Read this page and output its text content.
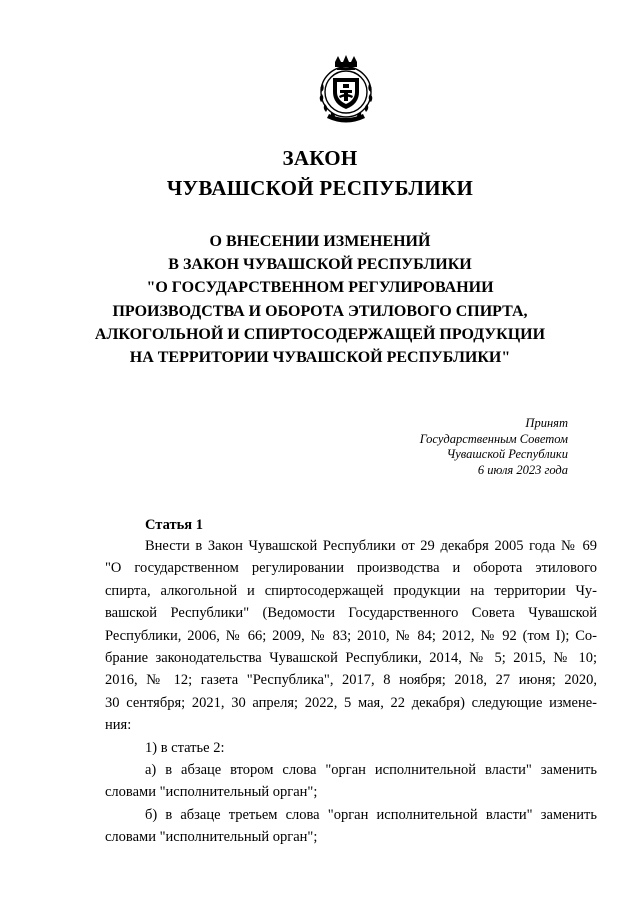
ЗАКОН
ЧУВАШСКОЙ РЕСПУБЛИКИ
О ВНЕСЕНИИ ИЗМЕНЕНИЙ
В ЗАКОН ЧУВАШСКОЙ РЕСПУБЛИКИ
"О ГОСУДАРСТВЕННОМ РЕГУЛИРОВАНИИ
ПРОИЗВОДСТВА И ОБОРОТА ЭТИЛОВОГО СПИРТА,
АЛКОГОЛЬНОЙ И СПИРТОСОДЕРЖАЩЕЙ ПРОДУКЦИИ
НА ТЕРРИТОРИИ ЧУВАШСКОЙ РЕСПУБЛИКИ"
Принят
Государственным Советом
Чувашской Республики
6 июля 2023 года
Статья 1
Внести в Закон Чувашской Республики от 29 декабря 2005 года № 69
"О государственном регулировании производства и оборота этилового
спирта, алкогольной и спиртосодержащей продукции на территории Чу-
вашской Республики" (Ведомости Государственного Совета Чувашской
Республики, 2006, № 66; 2009, № 83; 2010, № 84; 2012, № 92 (том I); Со-
брание законодательства Чувашской Республики, 2014, № 5; 2015, № 10;
2016, № 12; газета "Республика", 2017, 8 ноября; 2018, 27 июня; 2020,
30 сентября; 2021, 30 апреля; 2022, 5 мая, 22 декабря) следующие измене-
ния:
1) в статье 2:
а) в абзаце втором слова "орган исполнительной власти" заменить
словами "исполнительный орган";
б) в абзаце третьем слова "орган исполнительной власти" заменить
словами "исполнительный орган";
